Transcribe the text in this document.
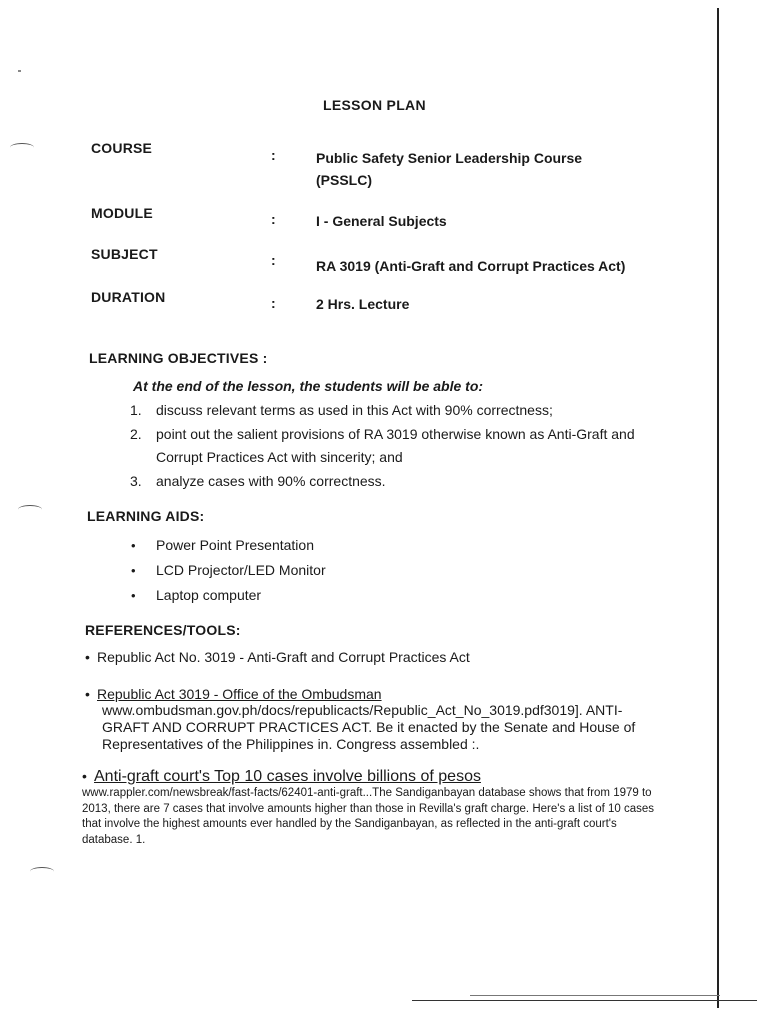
LESSON PLAN
COURSE	:	Public Safety Senior Leadership Course
(PSSLC)
MODULE	:	I - General Subjects
SUBJECT	:	RA 3019 (Anti-Graft and Corrupt Practices Act)
DURATION	:	2 Hrs. Lecture
LEARNING OBJECTIVES :
At the end of the lesson, the students will be able to:
1. discuss relevant terms as used in this Act with 90% correctness;
2. point out the salient provisions of RA 3019 otherwise known as Anti-Graft and Corrupt Practices Act with sincerity; and
3. analyze cases with 90% correctness.
LEARNING AIDS:
• Power Point Presentation
• LCD Projector/LED Monitor
• Laptop computer
REFERENCES/TOOLS:
• Republic Act No. 3019 - Anti-Graft and Corrupt Practices Act
• Republic Act 3019 - Office of the Ombudsman
www.ombudsman.gov.ph/docs/republicacts/Republic_Act_No_3019.pdf3019]. ANTI-GRAFT AND CORRUPT PRACTICES ACT. Be it enacted by the Senate and House of Representatives of the Philippines in. Congress assembled :.
• Anti-graft court's Top 10 cases involve billions of pesos
www.rappler.com/newsbreak/fast-facts/62401-anti-graft...The Sandiganbayan database shows that from 1979 to 2013, there are 7 cases that involve amounts higher than those in Revilla's graft charge. Here's a list of 10 cases that involve the highest amounts ever handled by the Sandiganbayan, as reflected in the anti-graft court's database. 1.
